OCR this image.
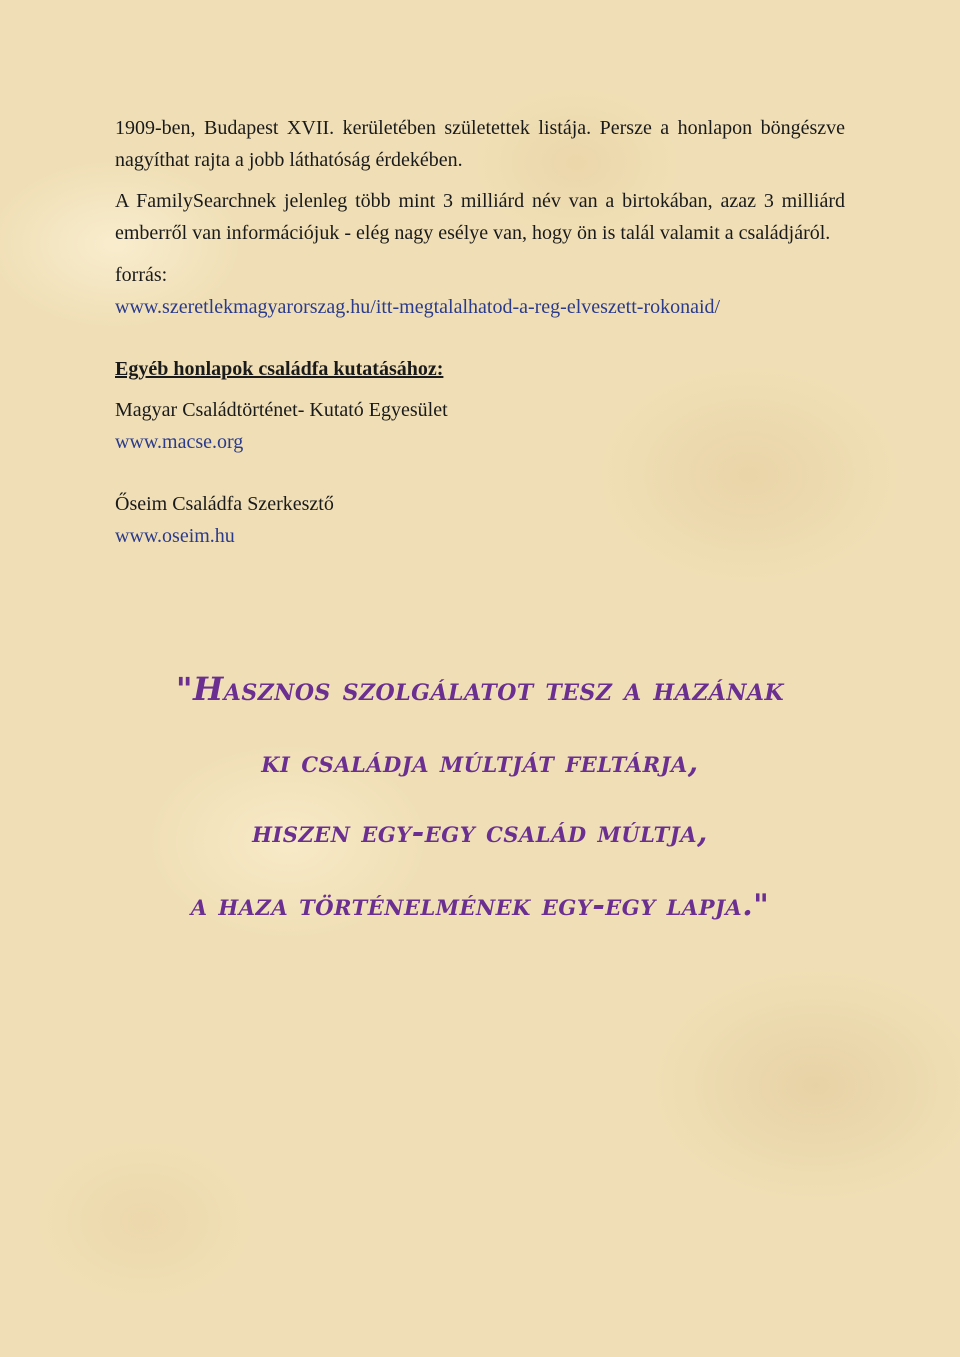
1909-ben, Budapest XVII. kerületében születettek listája. Persze a honlapon böngészve nagyíthat rajta a jobb láthatóság érdekében.

A FamilySearchnek jelenleg több mint 3 milliárd név van a birtokában, azaz 3 milliárd emberről van információjuk - elég nagy esélye van, hogy ön is talál valamit a családjáról.

forrás:

www.szeretlekmagyarorszag.hu/itt-megtalalhatod-a-reg-elveszett-rokonaid/

Egyéb honlapok családfa kutatásához:

Magyar Családtörténet- Kutató Egyesület

www.macse.org

Őseim Családfa Szerkesztő

www.oseim.hu

"Hasznos szolgálatot tesz a hazának
ki családja múltját feltárja,
hiszen egy-egy család múltja,
a haza történelmének egy-egy lapja."
